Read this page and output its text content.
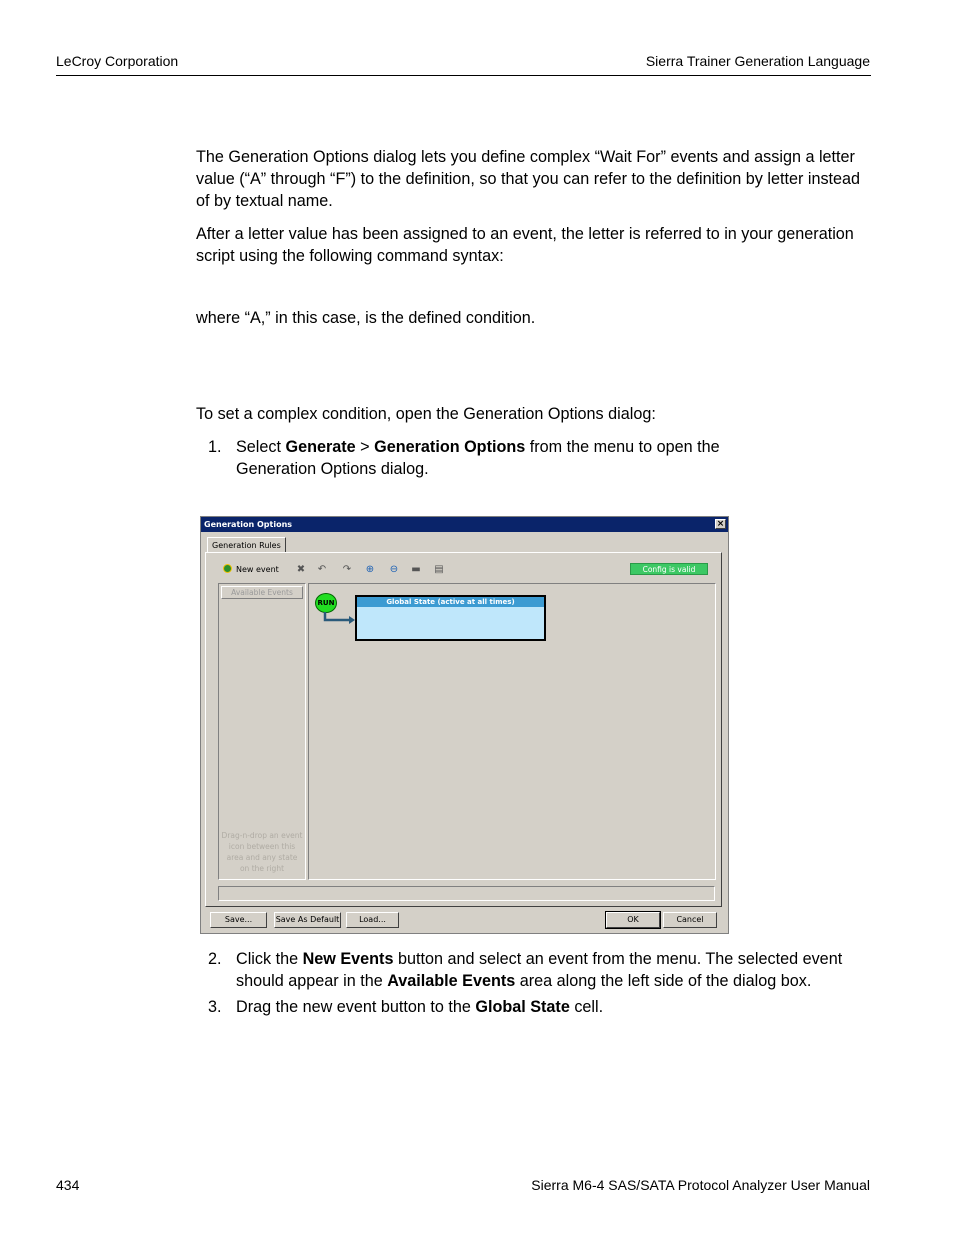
LeCroy Corporation	Sierra Trainer Generation Language

The Generation Options dialog lets you define complex “Wait For” events and assign a letter value (“A” through “F”) to the definition, so that you can refer to the definition by letter instead of by textual name.

After a letter value has been assigned to an event, the letter is referred to in your generation script using the following command syntax:

where “A,” in this case, is the defined condition.

To set a complex condition, open the Generation Options dialog:

1. Select Generate > Generation Options from the menu to open the Generation Options dialog.
Generation Options	×
Generation Rules
New event ✖ ↶ ↷ ⊕ ⊖ ▬ ▤	Config is valid
Available Events
Drag-n-drop an event icon between this area and any state on the right
RUN	Global State (active at all times)
Save...	Save As Default	Load...	OK	Cancel
2. Click the New Events button and select an event from the menu. The selected event should appear in the Available Events area along the left side of the dialog box.
3. Drag the new event button to the Global State cell.
434	Sierra M6-4 SAS/SATA Protocol Analyzer User Manual
